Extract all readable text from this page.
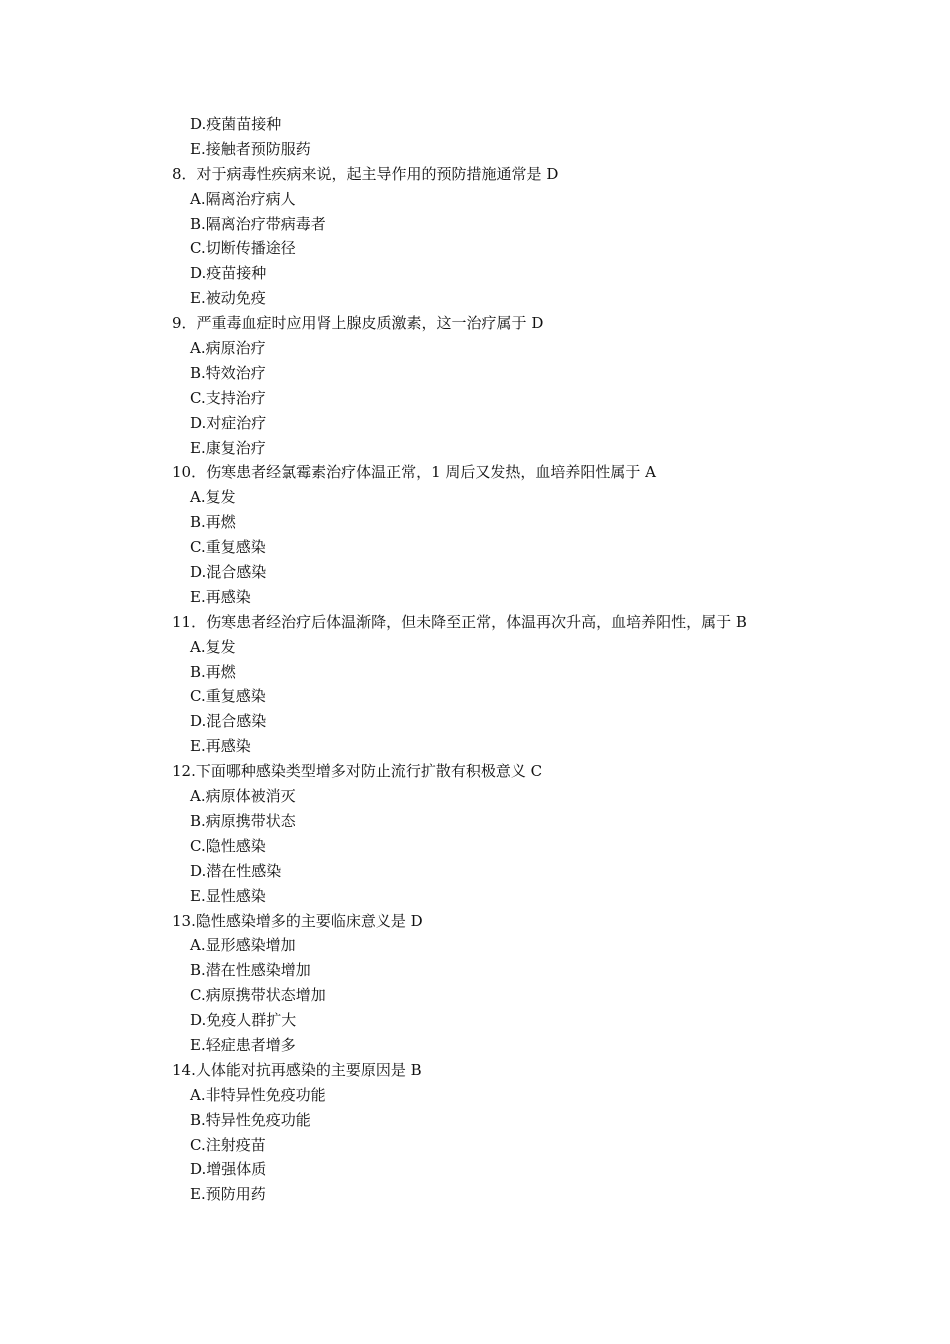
D.疫菌苗接种
E.接触者预防服药
8．对于病毒性疾病来说，起主导作用的预防措施通常是 D
A.隔离治疗病人
B.隔离治疗带病毒者
C.切断传播途径
D.疫苗接种
E.被动免疫
9．严重毒血症时应用肾上腺皮质激素，这一治疗属于 D
A.病原治疗
B.特效治疗
C.支持治疗
D.对症治疗
E.康复治疗
10．伤寒患者经氯霉素治疗体温正常，1 周后又发热，血培养阳性属于 A
A.复发
B.再燃
C.重复感染
D.混合感染
E.再感染
11．伤寒患者经治疗后体温渐降，但未降至正常，体温再次升高，血培养阳性，属于 B
A.复发
B.再燃
C.重复感染
D.混合感染
E.再感染
12.下面哪种感染类型增多对防止流行扩散有积极意义 C
A.病原体被消灭
B.病原携带状态
C.隐性感染
D.潜在性感染
E.显性感染
13.隐性感染增多的主要临床意义是 D
A.显形感染增加
B.潜在性感染增加
C.病原携带状态增加
D.免疫人群扩大
E.轻症患者增多
14.人体能对抗再感染的主要原因是 B
A.非特异性免疫功能
B.特异性免疫功能
C.注射疫苗
D.增强体质
E.预防用药
